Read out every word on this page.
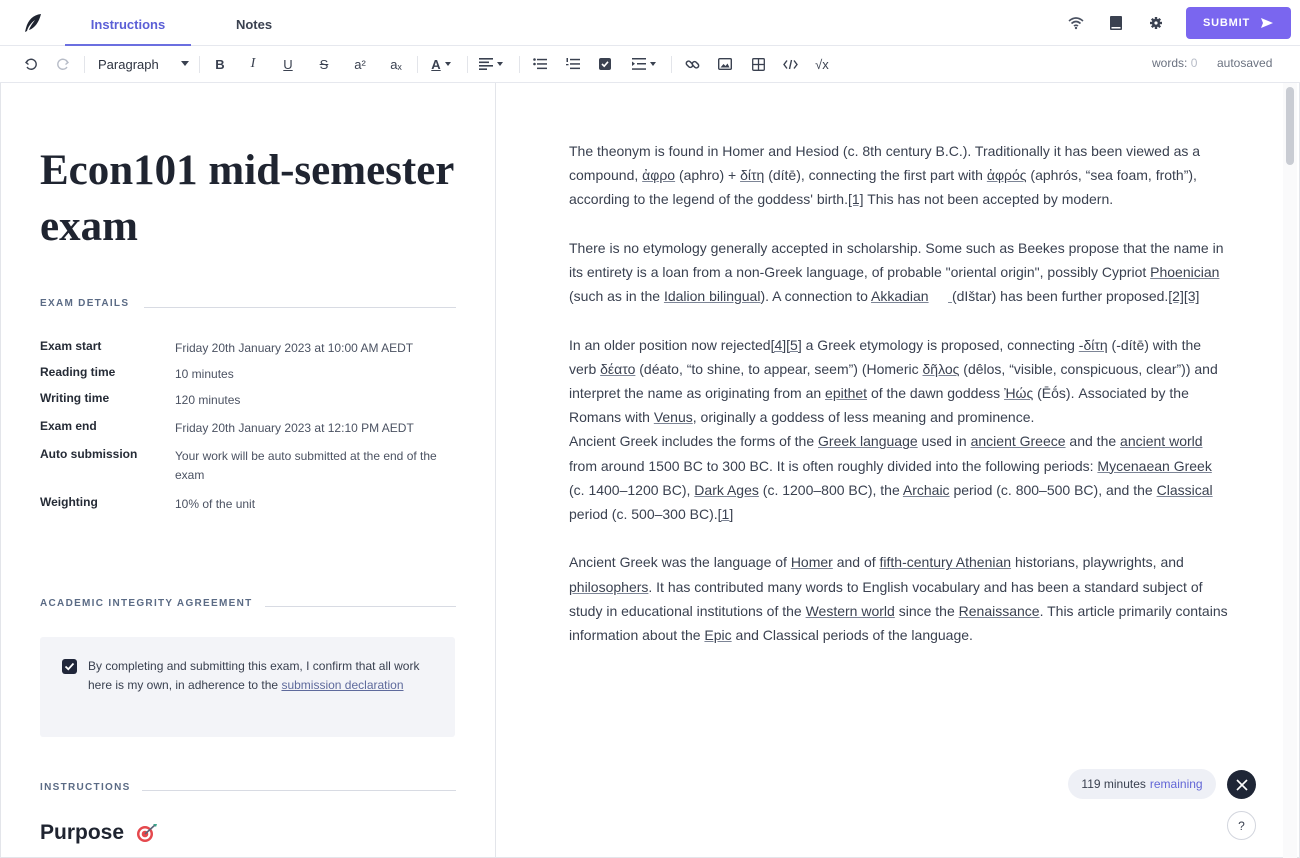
Instructions	Notes	SUBMIT
Paragraph	B	I	U S a² aₓ A	√x	words: 0 autosaved
Econ101 mid-semester exam
EXAM DETAILS
Exam start	Friday 20th January 2023 at 10:00 AM AEDT
Reading time	10 minutes
Writing time	120 minutes
Exam end	Friday 20th January 2023 at 12:10 PM AEDT
Auto submission	Your work will be auto submitted at the end of the exam
Weighting	10% of the unit
ACADEMIC INTEGRITY AGREEMENT
By completing and submitting this exam, I confirm that all work here is my own, in adherence to the submission declaration
INSTRUCTIONS
Purpose

The theonym is found in Homer and Hesiod (c. 8th century B.C.). Traditionally it has been viewed as a compound, ἀφρο (aphro) + δίτη (dítē), connecting the first part with ἀφρός (aphrós, “sea foam, froth”), according to the legend of the goddess' birth.[1] This has not been accepted by modern.

There is no etymology generally accepted in scholarship. Some such as Beekes propose that the name in its entirety is a loan from a non-Greek language, of probable "oriental origin", possibly Cypriot Phoenician (such as in the Idalion bilingual). A connection to Akkadian (dIštar) has been further proposed.[2][3]

In an older position now rejected[4][5] a Greek etymology is proposed, connecting -δίτη (-dítē) with the verb δέατο (déato, “to shine, to appear, seem”) (Homeric δῆλος (dêlos, “visible, conspicuous, clear”)) and interpret the name as originating from an epithet of the dawn goddess Ἠώς (Ēṓs). Associated by the Romans with Venus, originally a goddess of less meaning and prominence.

Ancient Greek includes the forms of the Greek language used in ancient Greece and the ancient world from around 1500 BC to 300 BC. It is often roughly divided into the following periods: Mycenaean Greek (c. 1400–1200 BC), Dark Ages (c. 1200–800 BC), the Archaic period (c. 800–500 BC), and the Classical period (c. 500–300 BC).[1]

Ancient Greek was the language of Homer and of fifth-century Athenian historians, playwrights, and philosophers. It has contributed many words to English vocabulary and has been a standard subject of study in educational institutions of the Western world since the Renaissance. This article primarily contains information about the Epic and Classical periods of the language.

119 minutes remaining
?
